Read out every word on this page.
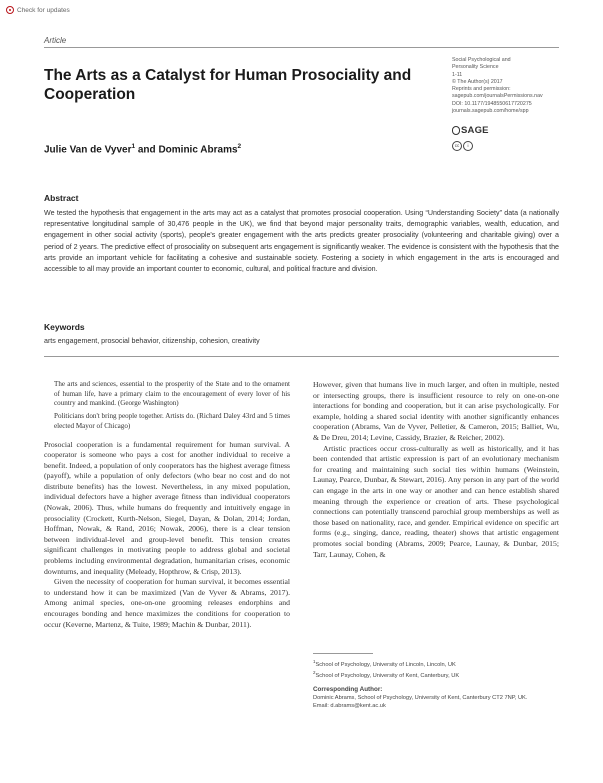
Check for updates
Article
The Arts as a Catalyst for Human Prosociality and Cooperation
Julie Van de Vyver$^1$ and Dominic Abrams$^2$
Social Psychological and
Personality Science
1-11
© The Author(s) 2017
Reprints and permission:
sagepub.com/journalsPermissions.nav
DOI: 10.1177/1948550617720275
journals.sagepub.com/home/spp
SAGE
cc	i
Abstract

We tested the hypothesis that engagement in the arts may act as a catalyst that promotes prosocial cooperation. Using “Understanding Society” data (a nationally representative longitudinal sample of 30,476 people in the UK), we find that beyond major personality traits, demographic variables, wealth, education, and engagement in other social activity (sports), people's greater engagement with the arts predicts greater prosociality (volunteering and charitable giving) over a period of 2 years. The predictive effect of prosociality on subsequent arts engagement is significantly weaker. The evidence is consistent with the hypothesis that the arts provide an important vehicle for facilitating a cohesive and sustainable society. Fostering a society in which engagement in the arts is encouraged and accessible to all may provide an important counter to economic, cultural, and political fracture and division.

Keywords

arts engagement, prosocial behavior, citizenship, cohesion, creativity

The arts and sciences, essential to the prosperity of the State and to the ornament of human life, have a primary claim to the encouragement of every lover of his country and mankind. (George Washington)

Politicians don't bring people together. Artists do. (Richard Daley 43rd and 5 times elected Mayor of Chicago)

Prosocial cooperation is a fundamental requirement for human survival. A cooperator is someone who pays a cost for another individual to receive a benefit. Indeed, a population of only cooperators has the highest average fitness (payoff), while a population of only defectors (who bear no cost and do not distribute benefits) has the lowest. Nevertheless, in any mixed population, individual defectors have a higher average fitness than individual cooperators (Nowak, 2006). Thus, while humans do frequently and intuitively engage in prosociality (Crockett, Kurth-Nelson, Siegel, Dayan, & Dolan, 2014; Jordan, Hoffman, Nowak, & Rand, 2016; Nowak, 2006), there is a clear tension between individual-level and group-level benefit. This tension creates significant challenges in motivating people to address global and societal problems including environmental degradation, humanitarian crises, economic downturns, and inequality (Meleady, Hopthrow, & Crisp, 2013).

Given the necessity of cooperation for human survival, it becomes essential to understand how it can be maximized (Van de Vyver & Abrams, 2017). Among animal species, one-on-one grooming releases endorphins and encourages bonding and hence maximizes the conditions for cooperation to occur (Keverne, Martenz, & Tuite, 1989; Machin & Dunbar, 2011).

However, given that humans live in much larger, and often in multiple, nested or intersecting groups, there is insufficient resource to rely on one-on-one interactions for bonding and cooperation, but it can arise psychologically. For example, holding a shared social identity with another significantly enhances cooperation (Abrams, Van de Vyver, Pelletier, & Cameron, 2015; Balliet, Wu, & De Dreu, 2014; Levine, Cassidy, Brazier, & Reicher, 2002).

Artistic practices occur cross-culturally as well as historically, and it has been contended that artistic expression is part of an evolutionary mechanism for creating and maintaining such social ties within humans (Weinstein, Launay, Pearce, Dunbar, & Stewart, 2016). Any person in any part of the world can engage in the arts in one way or another and can hence establish shared meaning through the experience or creation of arts. These psychological connections can potentially transcend parochial group memberships as well as those based on nationality, race, and gender. Empirical evidence on specific art forms (e.g., singing, dance, reading, theater) shows that artistic engagement promotes social bonding (Abrams, 2009; Pearce, Launay, & Dunbar, 2015; Tarr, Launay, Cohen, &

$^1$School of Psychology, University of Lincoln, Lincoln, UK
$^2$School of Psychology, University of Kent, Canterbury, UK
Corresponding Author:
Dominic Abrams, School of Psychology, University of Kent, Canterbury CT2 7NP, UK.
Email: d.abrams@kent.ac.uk
